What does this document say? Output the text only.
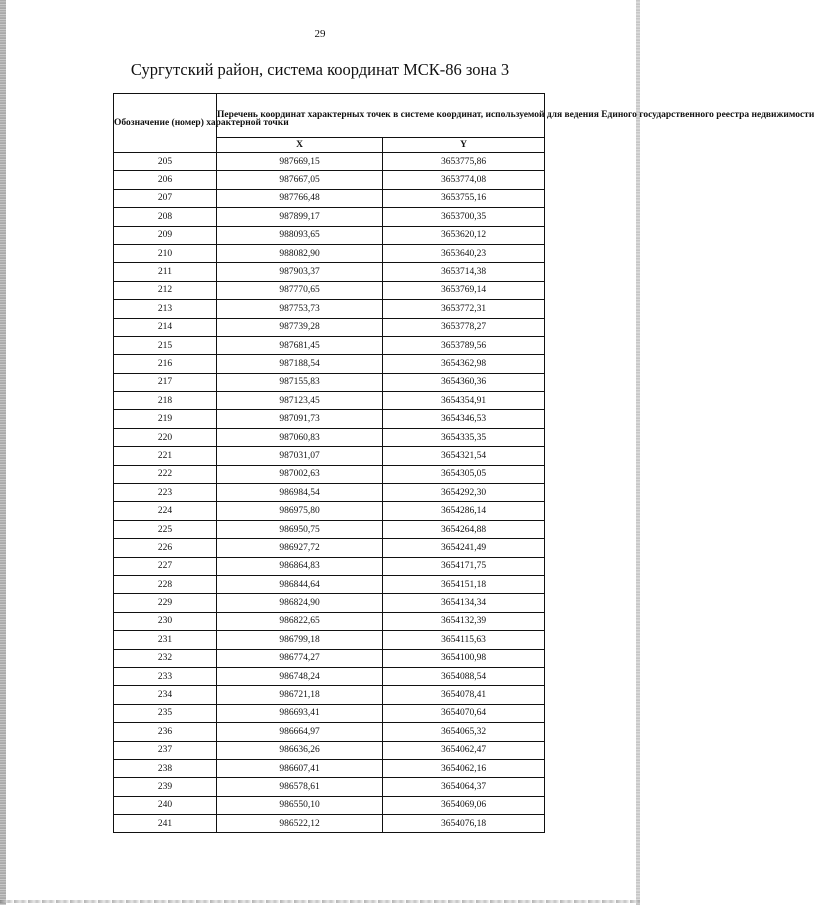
29
Сургутский район, система координат МСК-86 зона 3
Обозначение (номер) характерной точки	Перечень координат характерных точек в системе координат, используемой для ведения Единого государственного реестра недвижимости	
	X	Y
205	987669,15	3653775,86
206	987667,05	3653774,08
207	987766,48	3653755,16
208	987899,17	3653700,35
209	988093,65	3653620,12
210	988082,90	3653640,23
211	987903,37	3653714,38
212	987770,65	3653769,14
213	987753,73	3653772,31
214	987739,28	3653778,27
215	987681,45	3653789,56
216	987188,54	3654362,98
217	987155,83	3654360,36
218	987123,45	3654354,91
219	987091,73	3654346,53
220	987060,83	3654335,35
221	987031,07	3654321,54
222	987002,63	3654305,05
223	986984,54	3654292,30
224	986975,80	3654286,14
225	986950,75	3654264,88
226	986927,72	3654241,49
227	986864,83	3654171,75
228	986844,64	3654151,18
229	986824,90	3654134,34
230	986822,65	3654132,39
231	986799,18	3654115,63
232	986774,27	3654100,98
233	986748,24	3654088,54
234	986721,18	3654078,41
235	986693,41	3654070,64
236	986664,97	3654065,32
237	986636,26	3654062,47
238	986607,41	3654062,16
239	986578,61	3654064,37
240	986550,10	3654069,06
241	986522,12	3654076,18
